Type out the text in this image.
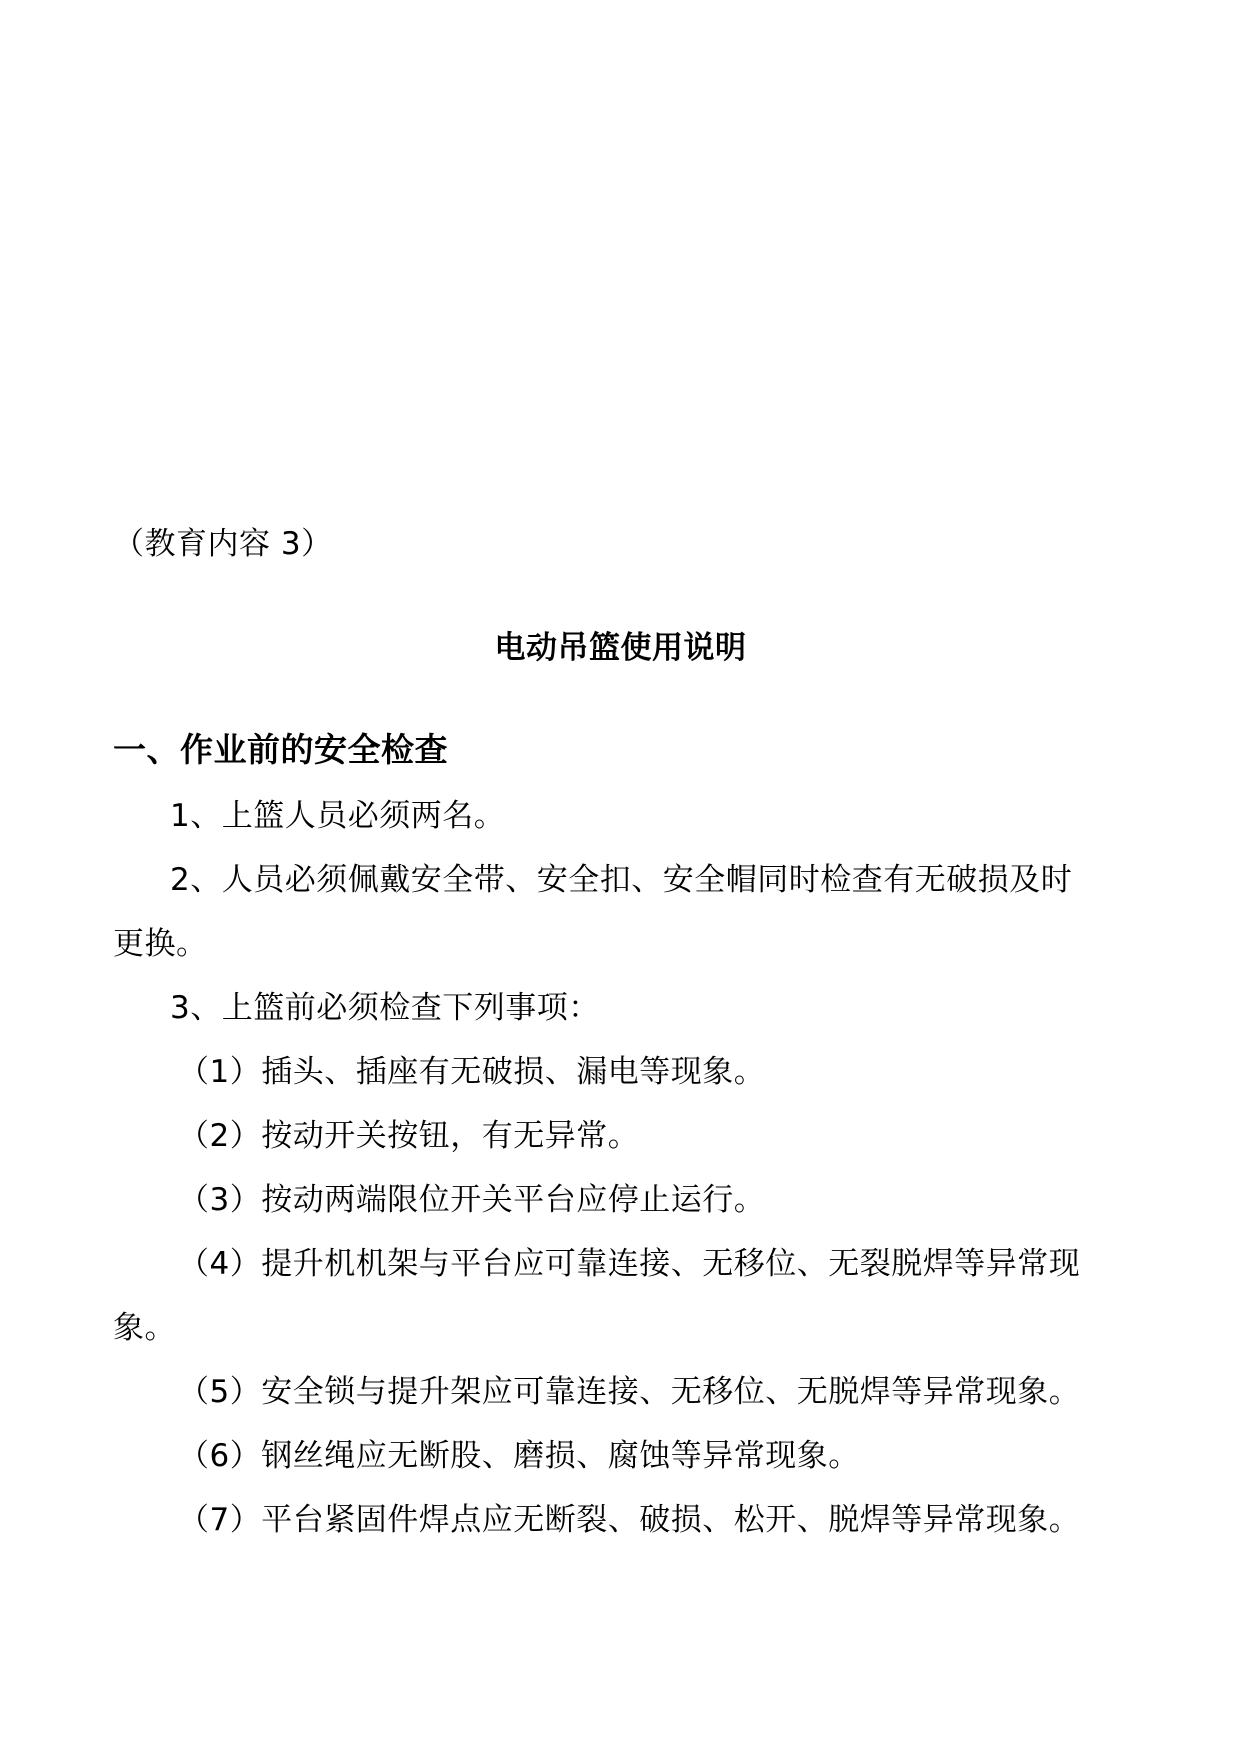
（教育内容 3）
电动吊篮使用说明
一、作业前的安全检查
1、上篮人员必须两名。
2、人员必须佩戴安全带、安全扣、安全帽同时检查有无破损及时
更换。
3、上篮前必须检查下列事项：
（1）插头、插座有无破损、漏电等现象。
（2）按动开关按钮，有无异常。
（3）按动两端限位开关平台应停止运行。
（4）提升机机架与平台应可靠连接、无移位、无裂脱焊等异常现
象。
（5）安全锁与提升架应可靠连接、无移位、无脱焊等异常现象。
（6）钢丝绳应无断股、磨损、腐蚀等异常现象。
（7）平台紧固件焊点应无断裂、破损、松开、脱焊等异常现象。
